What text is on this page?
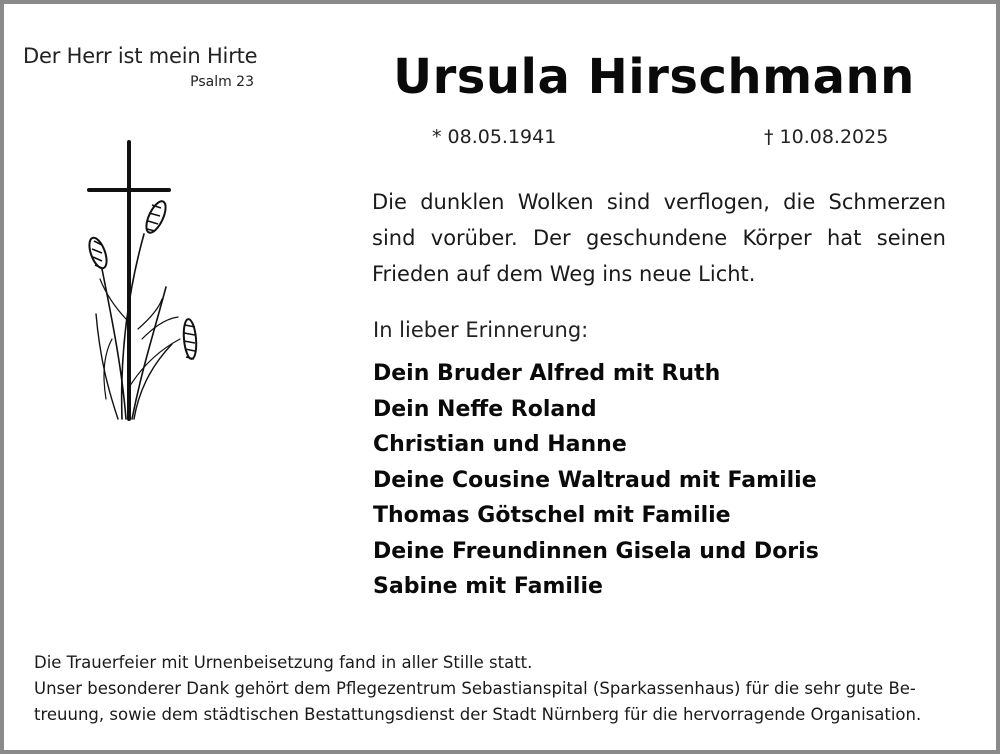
Der Herr ist mein Hirte
Psalm 23	Ursula Hirschmann
* 08.05.1941	† 10.08.2025
Die dunklen Wolken sind verflogen, die Schmerzen sind vorüber. Der geschundene Körper hat seinen Frieden auf dem Weg ins neue Licht.
In lieber Erinnerung:
Dein Bruder Alfred mit Ruth
Dein Neffe Roland
Christian und Hanne
Deine Cousine Waltraud mit Familie
Thomas Götschel mit Familie
Deine Freundinnen Gisela und Doris
Sabine mit Familie
Die Trauerfeier mit Urnenbeisetzung fand in aller Stille statt.
Unser besonderer Dank gehört dem Pflegezentrum Sebastianspital (Sparkassenhaus) für die sehr gute Be-
treuung, sowie dem städtischen Bestattungsdienst der Stadt Nürnberg für die hervorragende Organisation.
